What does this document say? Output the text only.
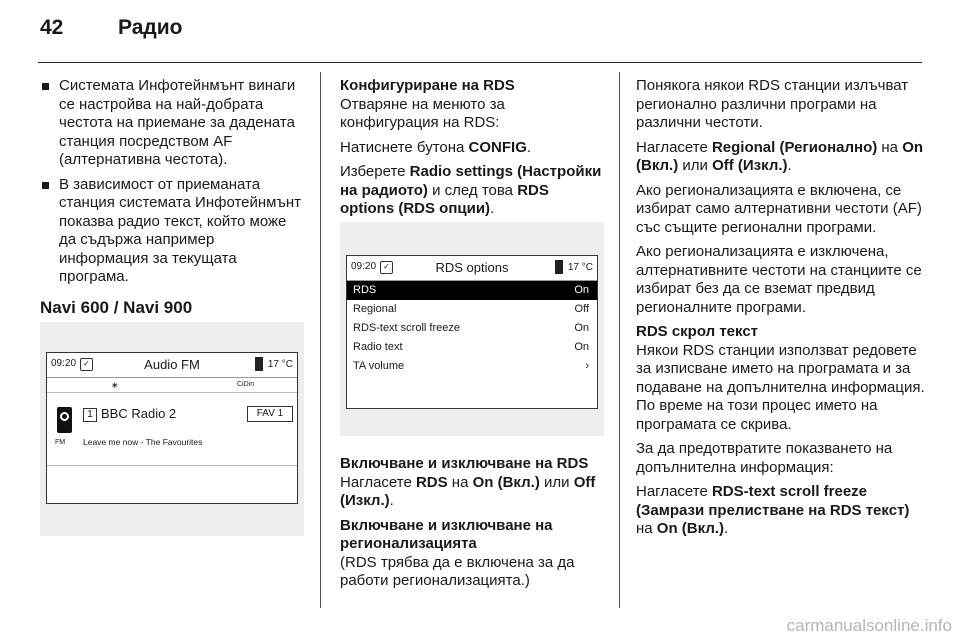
42	Радио
Системата Инфотейнмънт винаги се настройва на най-добрата честота на приемане за дадената станция посредством AF (алтернативна честота).
В зависимост от приеманата станция системата Инфотейнмънт показва радио текст, който може да съдържа например информация за текущата програма.
Navi 600 / Navi 900
09:20 ✓	Audio FM	17 °C
∗	CiDin
FM
1 BBC Radio 2	FAV 1
Leave me now - The Favourites

Конфигуриране на RDS

Отваряне на менюто за конфигурация на RDS:

Натиснете бутона CONFIG.

Изберете Radio settings (Настройки на радиото) и след това RDS options (RDS опции).

09:20 ✓	RDS options	17 °C
RDS	On
Regional	Off
RDS-text scroll freeze	On
Radio text	On
TA volume	›

Включване и изключване на RDS

Нагласете RDS на On (Вкл.) или Off (Изкл.).

Включване и изключване на регионализацията

(RDS трябва да е включена за да работи регионализацията.)

Понякога някои RDS станции излъчват регионално различни програми на различни честоти.

Нагласете Regional (Регионално) на On (Вкл.) или Off (Изкл.).

Ако регионализацията е включена, се избират само алтернативни честоти (AF) със същите регионални програми.

Ако регионализацията е изключена, алтернативните честоти на станциите се избират без да се вземат предвид регионалните програми.

RDS скрол текст

Някои RDS станции използват редовете за изписване името на програмата и за подаване на допълнителна информация. По време на този процес името на програмата се скрива.

За да предотвратите показването на допълнителна информация:

Нагласете RDS-text scroll freeze (Замрази прелистване на RDS текст) на On (Вкл.).

carmanualsonline.info
